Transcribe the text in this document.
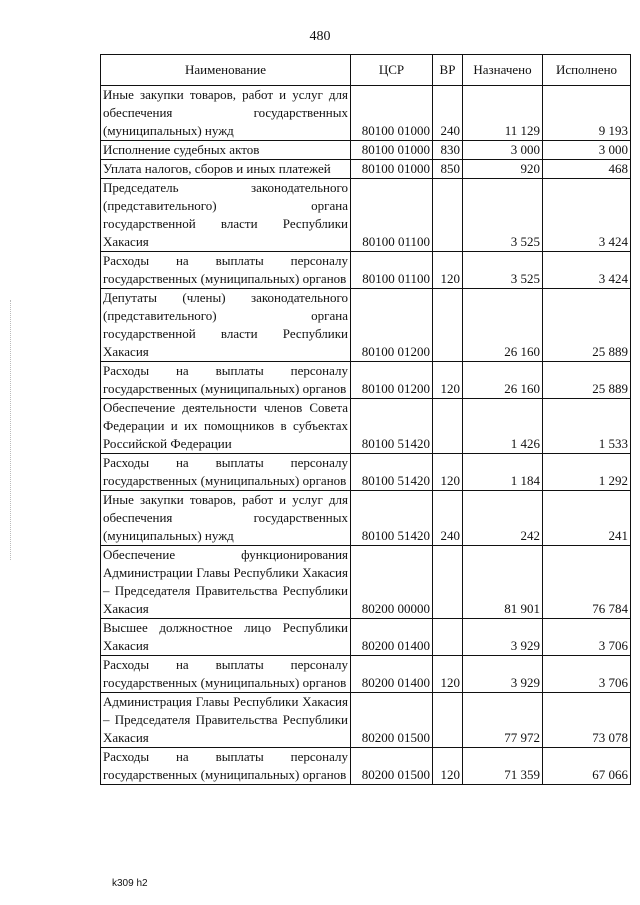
480
Наименование	ЦСР	ВР	Назначено	Исполнено
Иные закупки товаров, работ и услуг для обеспечения государственных (муниципальных) нужд	80100 01000	240	11 129	9 193
Исполнение судебных актов	80100 01000	830	3 000	3 000
Уплата налогов, сборов и иных платежей	80100 01000	850	920	468
Председатель законодательного (представительного) органа государственной власти Республики Хакасия	80100 01100		3 525	3 424
Расходы на выплаты персоналу государственных (муниципальных) органов	80100 01100	120	3 525	3 424
Депутаты (члены) законодательного (представительного) органа государственной власти Республики Хакасия	80100 01200		26 160	25 889
Расходы на выплаты персоналу государственных (муниципальных) органов	80100 01200	120	26 160	25 889
Обеспечение деятельности членов Совета Федерации и их помощников в субъектах Российской Федерации	80100 51420		1 426	1 533
Расходы на выплаты персоналу государственных (муниципальных) органов	80100 51420	120	1 184	1 292
Иные закупки товаров, работ и услуг для обеспечения государственных (муниципальных) нужд	80100 51420	240	242	241
Обеспечение функционирования Администрации Главы Республики Хакасия – Председателя Правительства Республики Хакасия	80200 00000		81 901	76 784
Высшее должностное лицо Республики Хакасия	80200 01400		3 929	3 706
Расходы на выплаты персоналу государственных (муниципальных) органов	80200 01400	120	3 929	3 706
Администрация Главы Республики Хакасия – Председателя Правительства Республики Хакасия	80200 01500		77 972	73 078
Расходы на выплаты персоналу государственных (муниципальных) органов	80200 01500	120	71 359	67 066
k309 h2
